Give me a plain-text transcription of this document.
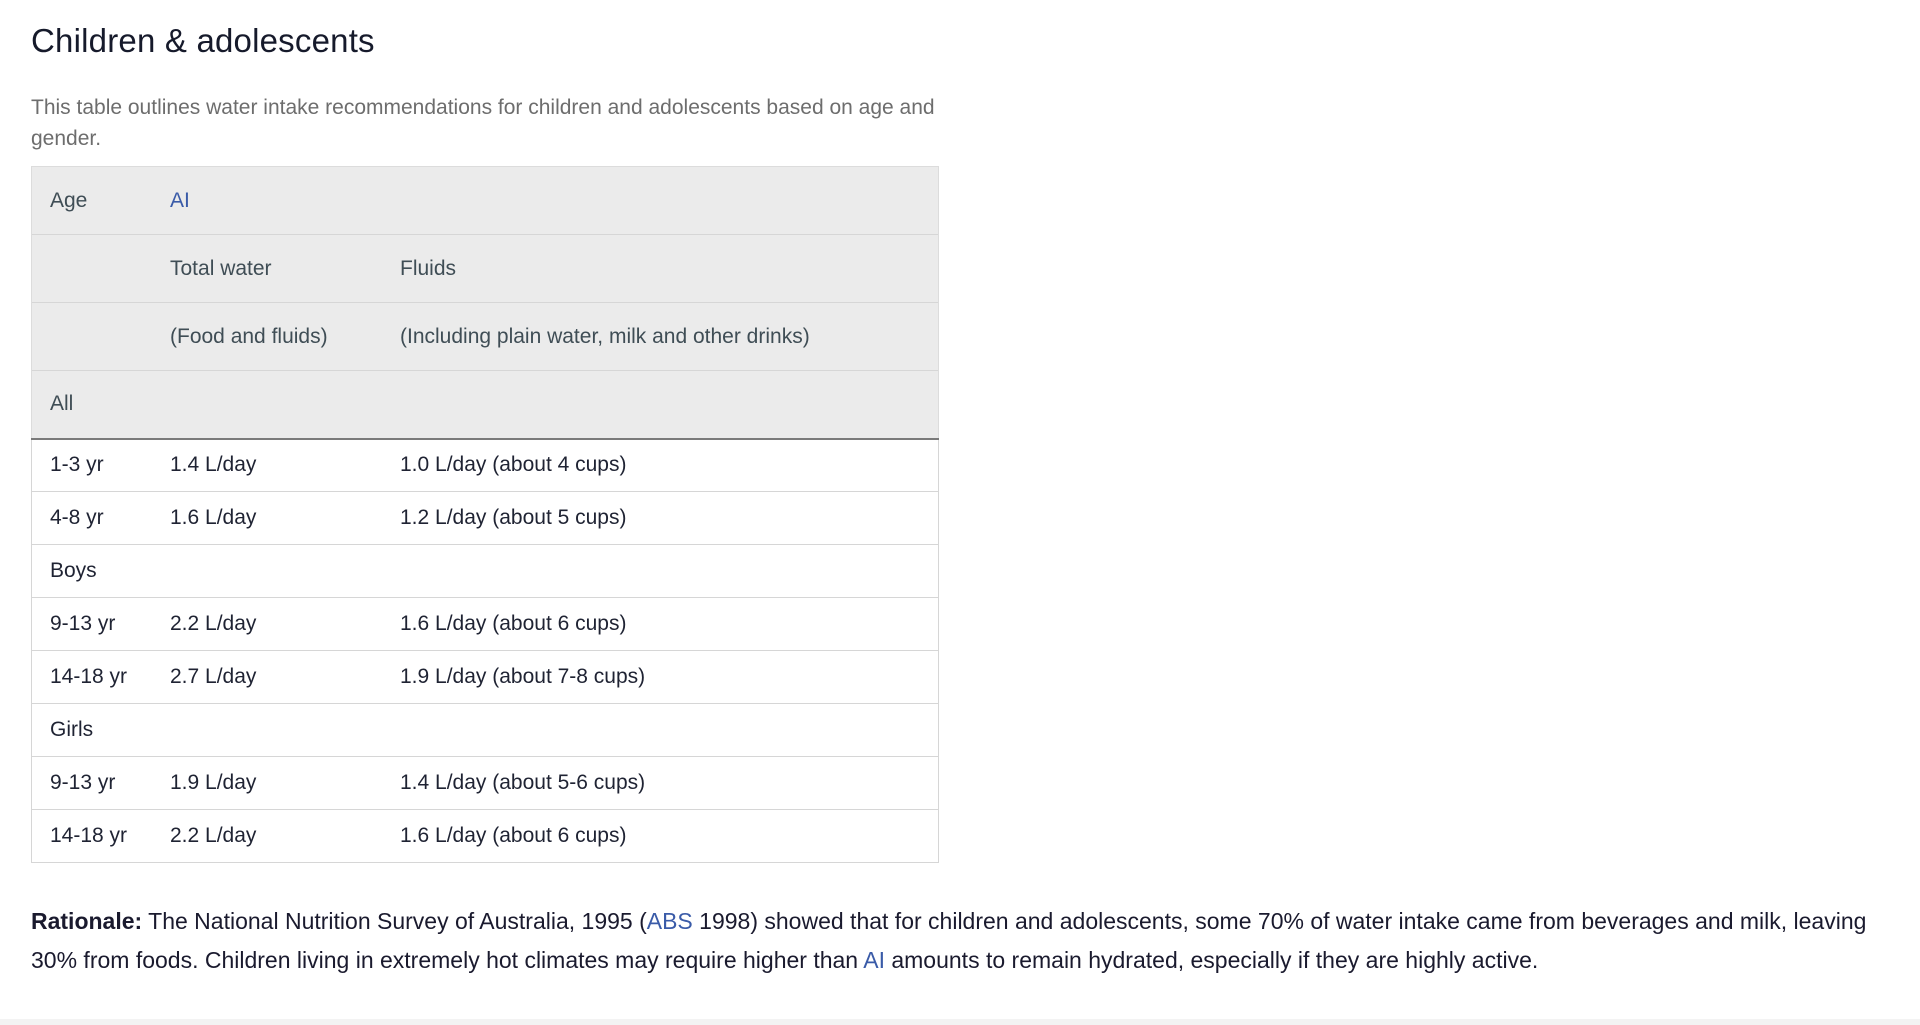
Children & adolescents
This table outlines water intake recommendations for children and adolescents based on age and gender.
Age	AI	
	Total water	Fluids
	(Food and fluids)	(Including plain water, milk and other drinks)
All		
1-3 yr	1.4 L/day	1.0 L/day (about 4 cups)
4-8 yr	1.6 L/day	1.2 L/day (about 5 cups)
Boys		
9-13 yr	2.2 L/day	1.6 L/day (about 6 cups)
14-18 yr	2.7 L/day	1.9 L/day (about 7-8 cups)
Girls		
9-13 yr	1.9 L/day	1.4 L/day (about 5-6 cups)
14-18 yr	2.2 L/day	1.6 L/day (about 6 cups)

Rationale: The National Nutrition Survey of Australia, 1995 (ABS 1998) showed that for children and adolescents, some 70% of water intake came from beverages and milk, leaving 30% from foods. Children living in extremely hot climates may require higher than AI amounts to remain hydrated, especially if they are highly active.
